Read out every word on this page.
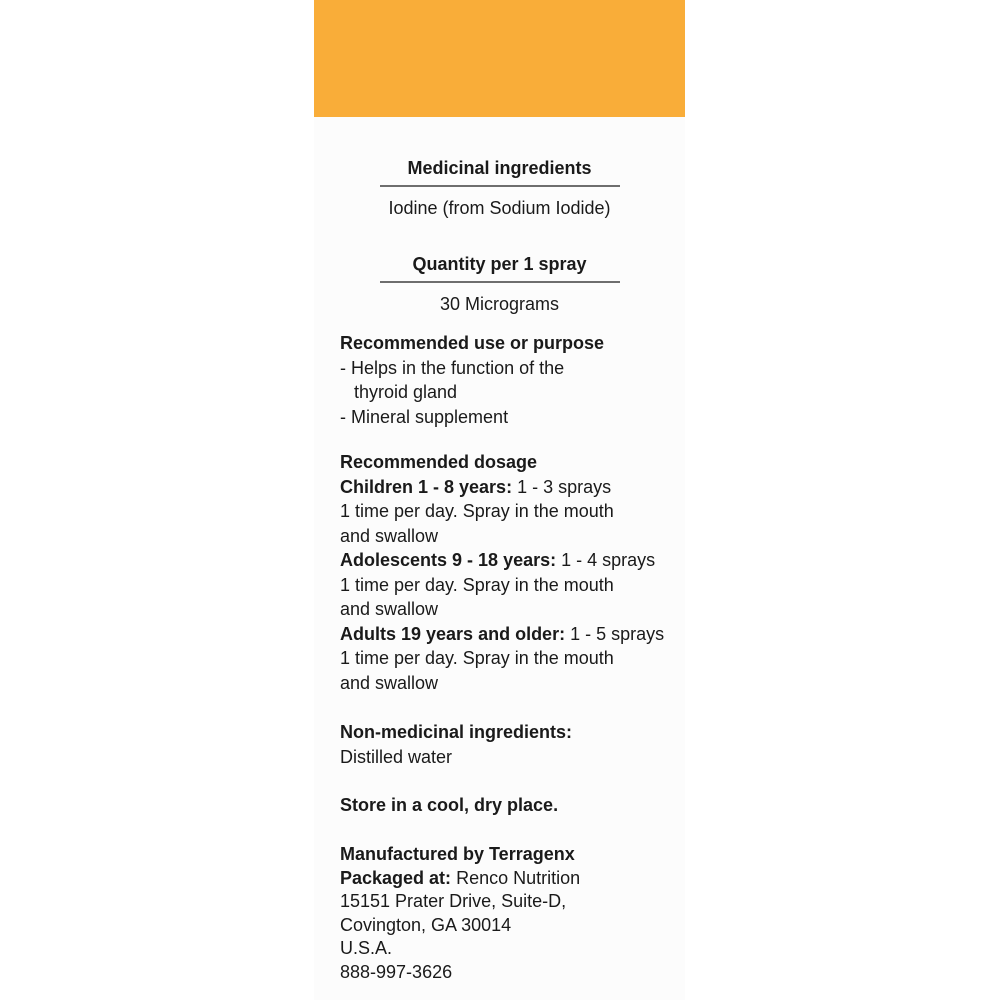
Medicinal ingredients
Iodine (from Sodium Iodide)
Quantity per 1 spray
30 Micrograms
Recommended use or purpose
- Helps in the function of the
thyroid gland
- Mineral supplement
Recommended dosage
Children 1 - 8 years: 1 - 3 sprays
1 time per day. Spray in the mouth
and swallow
Adolescents 9 - 18 years: 1 - 4 sprays
1 time per day. Spray in the mouth
and swallow
Adults 19 years and older: 1 - 5 sprays
1 time per day. Spray in the mouth
and swallow
Non-medicinal ingredients:
Distilled water
Store in a cool, dry place.
Manufactured by Terragenx
Packaged at: Renco Nutrition
15151 Prater Drive, Suite-D,
Covington, GA 30014
U.S.A.
888-997-3626
